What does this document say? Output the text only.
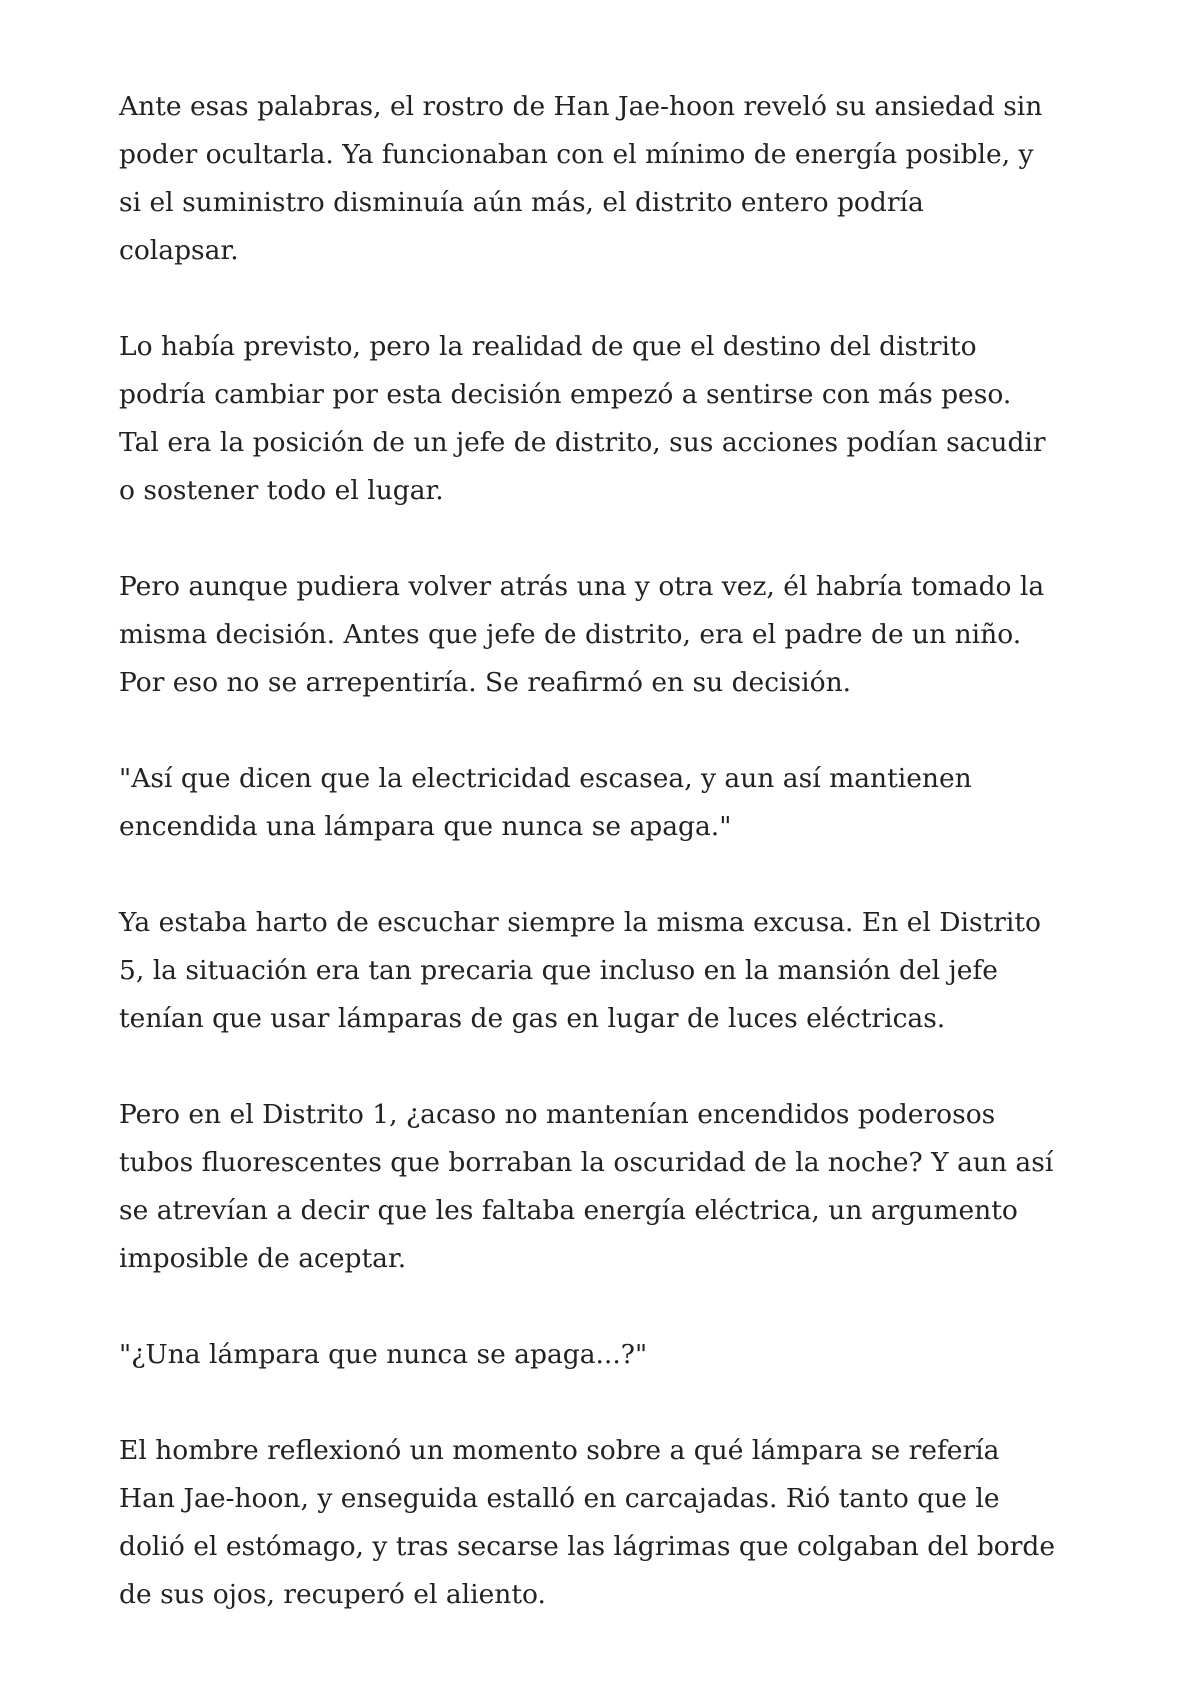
Ante esas palabras, el rostro de Han Jae-hoon reveló su ansiedad sin
poder ocultarla. Ya funcionaban con el mínimo de energía posible, y
si el suministro disminuía aún más, el distrito entero podría
colapsar.

Lo había previsto, pero la realidad de que el destino del distrito
podría cambiar por esta decisión empezó a sentirse con más peso.
Tal era la posición de un jefe de distrito, sus acciones podían sacudir
o sostener todo el lugar.

Pero aunque pudiera volver atrás una y otra vez, él habría tomado la
misma decisión. Antes que jefe de distrito, era el padre de un niño.
Por eso no se arrepentiría. Se reafirmó en su decisión.

"Así que dicen que la electricidad escasea, y aun así mantienen
encendida una lámpara que nunca se apaga."

Ya estaba harto de escuchar siempre la misma excusa. En el Distrito
5, la situación era tan precaria que incluso en la mansión del jefe
tenían que usar lámparas de gas en lugar de luces eléctricas.

Pero en el Distrito 1, ¿acaso no mantenían encendidos poderosos
tubos fluorescentes que borraban la oscuridad de la noche? Y aun así
se atrevían a decir que les faltaba energía eléctrica, un argumento
imposible de aceptar.

"¿Una lámpara que nunca se apaga...?"

El hombre reflexionó un momento sobre a qué lámpara se refería
Han Jae-hoon, y enseguida estalló en carcajadas. Rió tanto que le
dolió el estómago, y tras secarse las lágrimas que colgaban del borde
de sus ojos, recuperó el aliento.
